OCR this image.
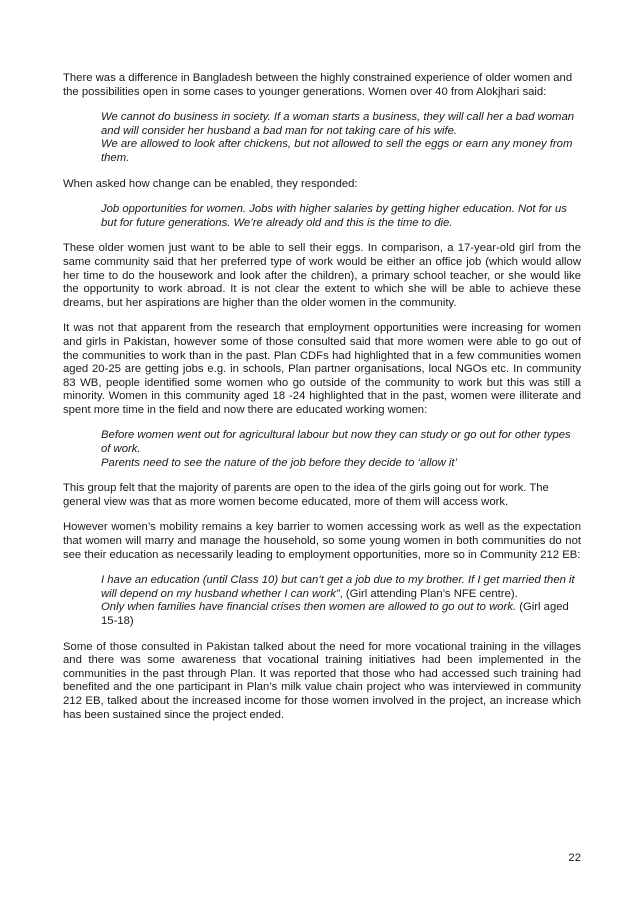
There was a difference in Bangladesh between the highly constrained experience of older women and the possibilities open in some cases to younger generations. Women over 40 from Alokjhari said:

We cannot do business in society. If a woman starts a business, they will call her a bad woman and will consider her husband a bad man for not taking care of his wife.

We are allowed to look after chickens, but not allowed to sell the eggs or earn any money from them.

When asked how change can be enabled, they responded:

Job opportunities for women. Jobs with higher salaries by getting higher education. Not for us but for future generations. We’re already old and this is the time to die.

These older women just want to be able to sell their eggs. In comparison, a 17-year-old girl from the same community said that her preferred type of work would be either an office job (which would allow her time to do the housework and look after the children), a primary school teacher, or she would like the opportunity to work abroad. It is not clear the extent to which she will be able to achieve these dreams, but her aspirations are higher than the older women in the community.

It was not that apparent from the research that employment opportunities were increasing for women and girls in Pakistan, however some of those consulted said that more women were able to go out of the communities to work than in the past. Plan CDFs had highlighted that in a few communities women aged 20-25 are getting jobs e.g. in schools, Plan partner organisations, local NGOs etc. In community 83 WB, people identified some women who go outside of the community to work but this was still a minority. Women in this community aged 18 -24 highlighted that in the past, women were illiterate and spent more time in the field and now there are educated working women:

Before women went out for agricultural labour but now they can study or go out for other types of work.

Parents need to see the nature of the job before they decide to ‘allow it’

This group felt that the majority of parents are open to the idea of the girls going out for work. The general view was that as more women become educated, more of them will access work.

However women’s mobility remains a key barrier to women accessing work as well as the expectation that women will marry and manage the household, so some young women in both communities do not see their education as necessarily leading to employment opportunities, more so in Community 212 EB:

I have an education (until Class 10) but can’t get a job due to my brother. If I get married then it will depend on my husband whether I can work”, (Girl attending Plan’s NFE centre).

Only when families have financial crises then women are allowed to go out to work. (Girl aged 15-18)

Some of those consulted in Pakistan talked about the need for more vocational training in the villages and there was some awareness that vocational training initiatives had been implemented in the communities in the past through Plan. It was reported that those who had accessed such training had benefited and the one participant in Plan’s milk value chain project who was interviewed in community 212 EB, talked about the increased income for those women involved in the project, an increase which has been sustained since the project ended.

22
